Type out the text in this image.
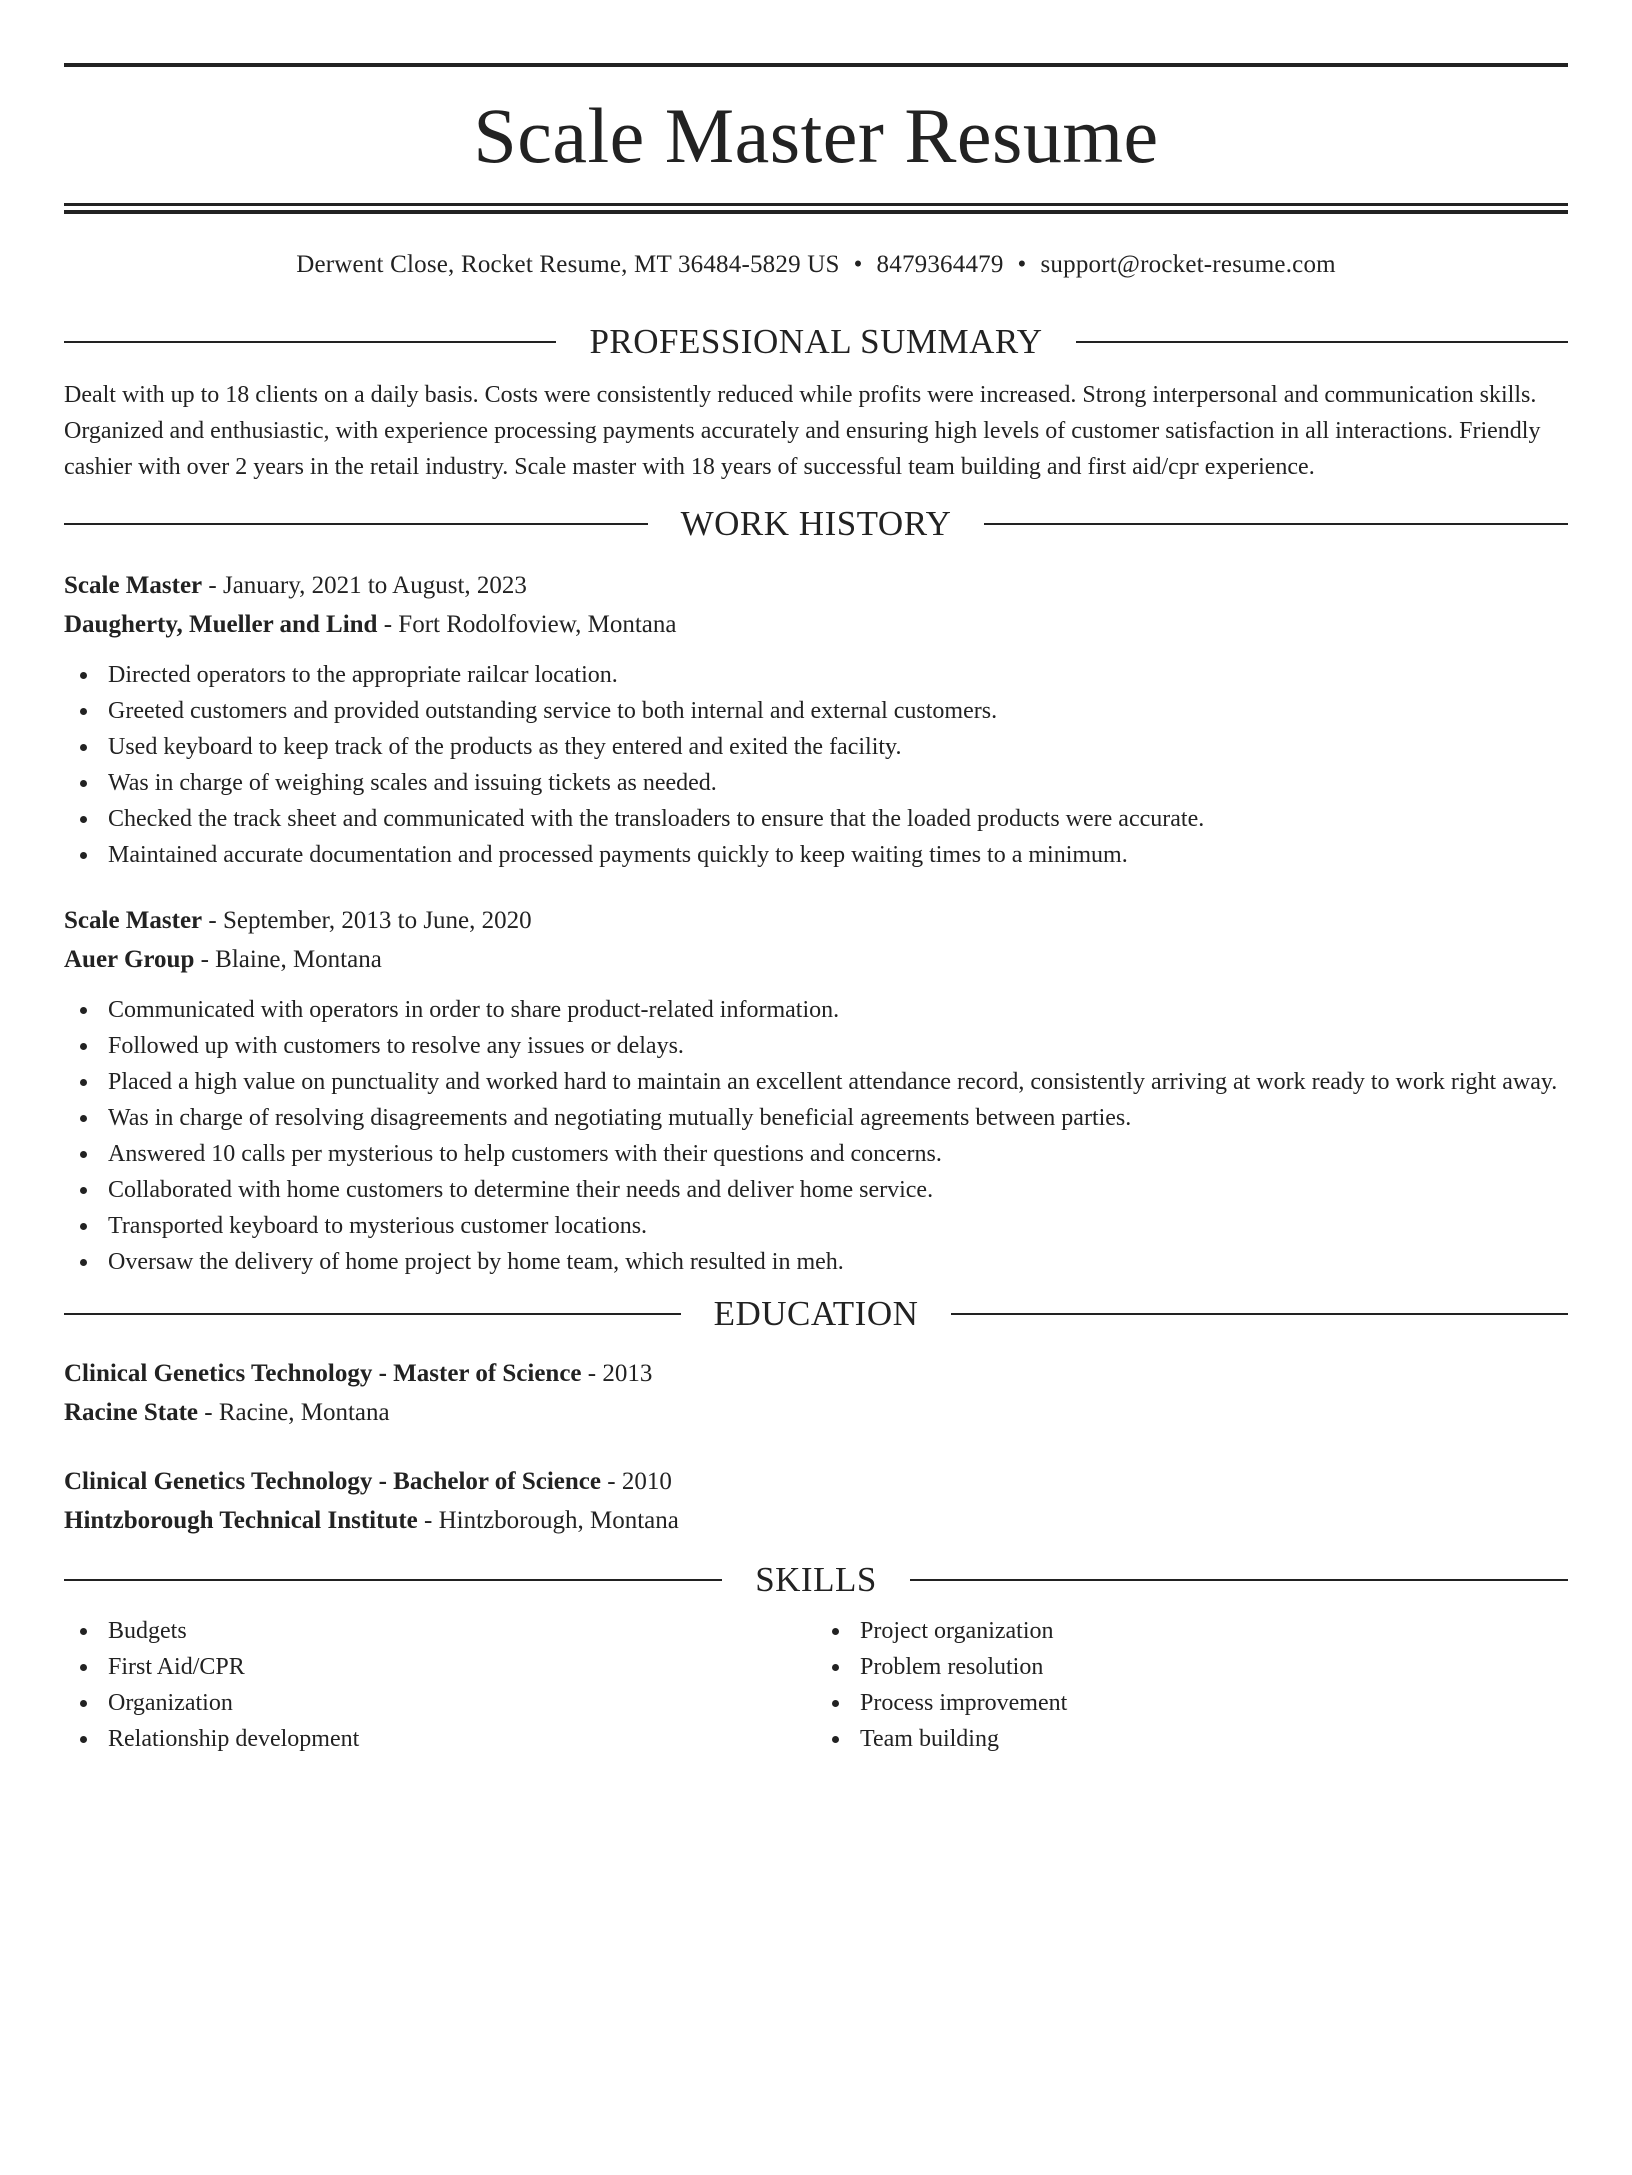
Scale Master Resume
Derwent Close, Rocket Resume, MT 36484-5829 US • 8479364479 • support@rocket-resume.com
PROFESSIONAL SUMMARY

Dealt with up to 18 clients on a daily basis. Costs were consistently reduced while profits were increased. Strong interpersonal and communication skills. Organized and enthusiastic, with experience processing payments accurately and ensuring high levels of customer satisfaction in all interactions. Friendly cashier with over 2 years in the retail industry. Scale master with 18 years of successful team building and first aid/cpr experience.

WORK HISTORY
Scale Master - January, 2021 to August, 2023
Daugherty, Mueller and Lind - Fort Rodolfoview, Montana
Directed operators to the appropriate railcar location.
Greeted customers and provided outstanding service to both internal and external customers.
Used keyboard to keep track of the products as they entered and exited the facility.
Was in charge of weighing scales and issuing tickets as needed.
Checked the track sheet and communicated with the transloaders to ensure that the loaded products were accurate.
Maintained accurate documentation and processed payments quickly to keep waiting times to a minimum.
Scale Master - September, 2013 to June, 2020
Auer Group - Blaine, Montana
Communicated with operators in order to share product-related information.
Followed up with customers to resolve any issues or delays.
Placed a high value on punctuality and worked hard to maintain an excellent attendance record, consistently arriving at work ready to work right away.
Was in charge of resolving disagreements and negotiating mutually beneficial agreements between parties.
Answered 10 calls per mysterious to help customers with their questions and concerns.
Collaborated with home customers to determine their needs and deliver home service.
Transported keyboard to mysterious customer locations.
Oversaw the delivery of home project by home team, which resulted in meh.
EDUCATION
Clinical Genetics Technology - Master of Science - 2013
Racine State - Racine, Montana
Clinical Genetics Technology - Bachelor of Science - 2010
Hintzborough Technical Institute - Hintzborough, Montana
SKILLS
Budgets
First Aid/CPR
Organization
Relationship development
Project organization
Problem resolution
Process improvement
Team building
